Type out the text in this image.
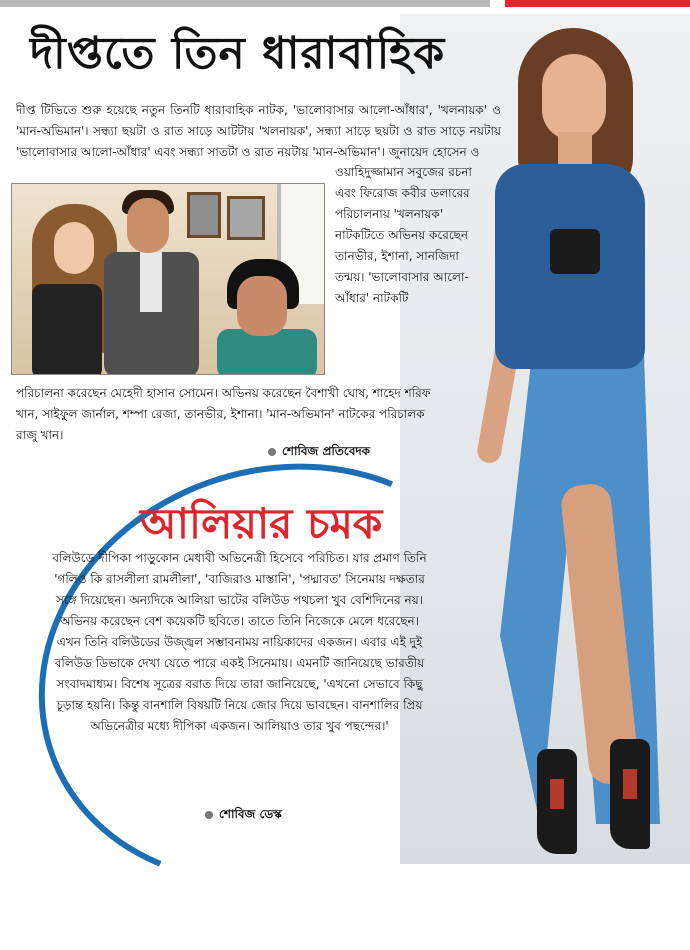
দীপ্ততে তিন ধারাবাহিক
দীপ্ত টিভিতে শুরু হয়েছে নতুন তিনটি ধারাবাহিক নাটক, 'ভালোবাসার আলো-আঁধার', 'খলনায়ক' ও 'মান-অভিমান'। সন্ধ্যা ছয়টা ও রাত সাড়ে আটটায় 'খলনায়ক', সন্ধ্যা সাড়ে ছয়টা ও রাত সাড়ে নয়টায় 'ভালোবাসার আলো-আঁধার' এবং সন্ধ্যা সাতটা ও রাত নয়টায় 'মান-অভিমান'। জুনায়েদ হোসেন ও
ওয়াহিদুজ্জামান সবুজের রচনা এবং ফিরোজ কবীর ডলারের পরিচালনায় 'খলনায়ক' নাটকটিতে অভিনয় করেছেন তানভীর, ইশানা, সানজিদা তন্ময়। 'ভালোবাসার আলো-আঁধার' নাটকটি
পরিচালনা করেছেন মেহেদী হাসান সোমেন। অভিনয় করেছেন বৈশাখী ঘোষ, শাহেদ শরিফ খান, সাইফুল জার্নাল, শম্পা রেজা, তানভীর, ইশানা। 'মান-অভিমান' নাটকের পরিচালক রাজু খান।
শোবিজ প্রতিবেদক
আলিয়ার চমক
বলিউডে দীপিকা পাড়ুকোন মেধাবী অভিনেত্রী হিসেবে পরিচিত। যার প্রমাণ তিনি 'গলিও কি রাসলীলা রামলীলা', 'বাজিরাও মাস্তানি', 'পদ্মাবত' সিনেমায় দক্ষতার সঙ্গে দিয়েছেন। অন্যদিকে আলিয়া ভাটের বলিউড পথচলা খুব বেশিদিনের নয়। অভিনয় করেছেন বেশ কয়েকটি ছবিতে। তাতে তিনি নিজেকে মেলে ধরেছেন। এখন তিনি বলিউডের উজ্জ্বল সম্ভাবনাময় নায়িকাদের একজন। এবার এই দুই বলিউড ডিভাকে দেখা যেতে পারে একই সিনেমায়। এমনটি জানিয়েছে ভারতীয় সংবাদমাধ্যম। বিশেষ সূত্রের বরাত দিয়ে তারা জানিয়েছে, 'এখনো সেভাবে কিছু চূড়ান্ত হয়নি। কিন্তু বানশালি বিষয়টি নিয়ে জোর দিয়ে ভাবছেন। বানশালির প্রিয় অভিনেত্রীর মধ্যে দীপিকা একজন। আলিয়াও তার খুব পছন্দের।'
শোবিজ ডেস্ক
